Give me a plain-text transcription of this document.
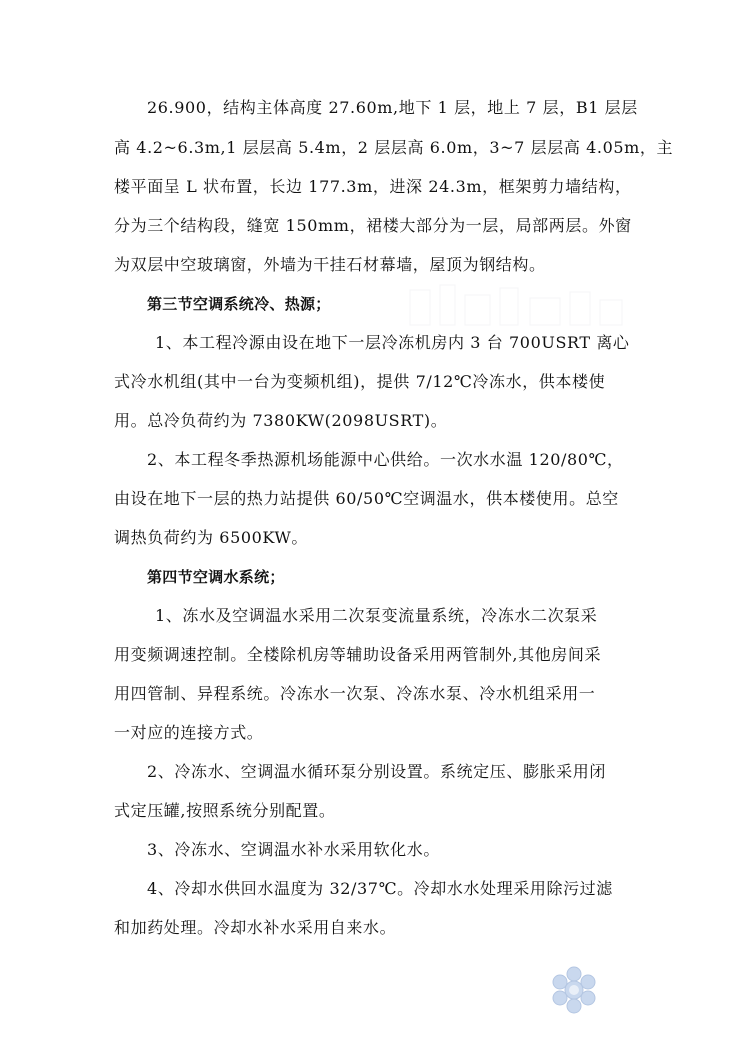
26.900，结构主体高度 27.60m,地下 1 层，地上 7 层，B1 层层
高 4.2~6.3m,1 层层高 5.4m，2 层层高 6.0m，3~7 层层高 4.05m，主
楼平面呈 L 状布置，长边 177.3m，进深 24.3m，框架剪力墙结构，
分为三个结构段，缝宽 150mm，裙楼大部分为一层，局部两层。外窗
为双层中空玻璃窗，外墙为干挂石材幕墙，屋顶为钢结构。
第三节空调系统冷、热源；
1、本工程冷源由设在地下一层冷冻机房内 3 台 700USRT 离心
式冷水机组(其中一台为变频机组)，提供 7/12℃冷冻水，供本楼使
用。总冷负荷约为 7380KW(2098USRT)。
2、本工程冬季热源机场能源中心供给。一次水水温 120/80℃，
由设在地下一层的热力站提供 60/50℃空调温水，供本楼使用。总空
调热负荷约为 6500KW。
第四节空调水系统；
1、冻水及空调温水采用二次泵变流量系统，冷冻水二次泵采
用变频调速控制。全楼除机房等辅助设备采用两管制外,其他房间采
用四管制、异程系统。冷冻水一次泵、冷冻水泵、冷水机组采用一
一对应的连接方式。
2、冷冻水、空调温水循环泵分别设置。系统定压、膨胀采用闭
式定压罐,按照系统分别配置。
3、冷冻水、空调温水补水采用软化水。
4、冷却水供回水温度为 32/37℃。冷却水水处理采用除污过滤
和加药处理。冷却水补水采用自来水。
